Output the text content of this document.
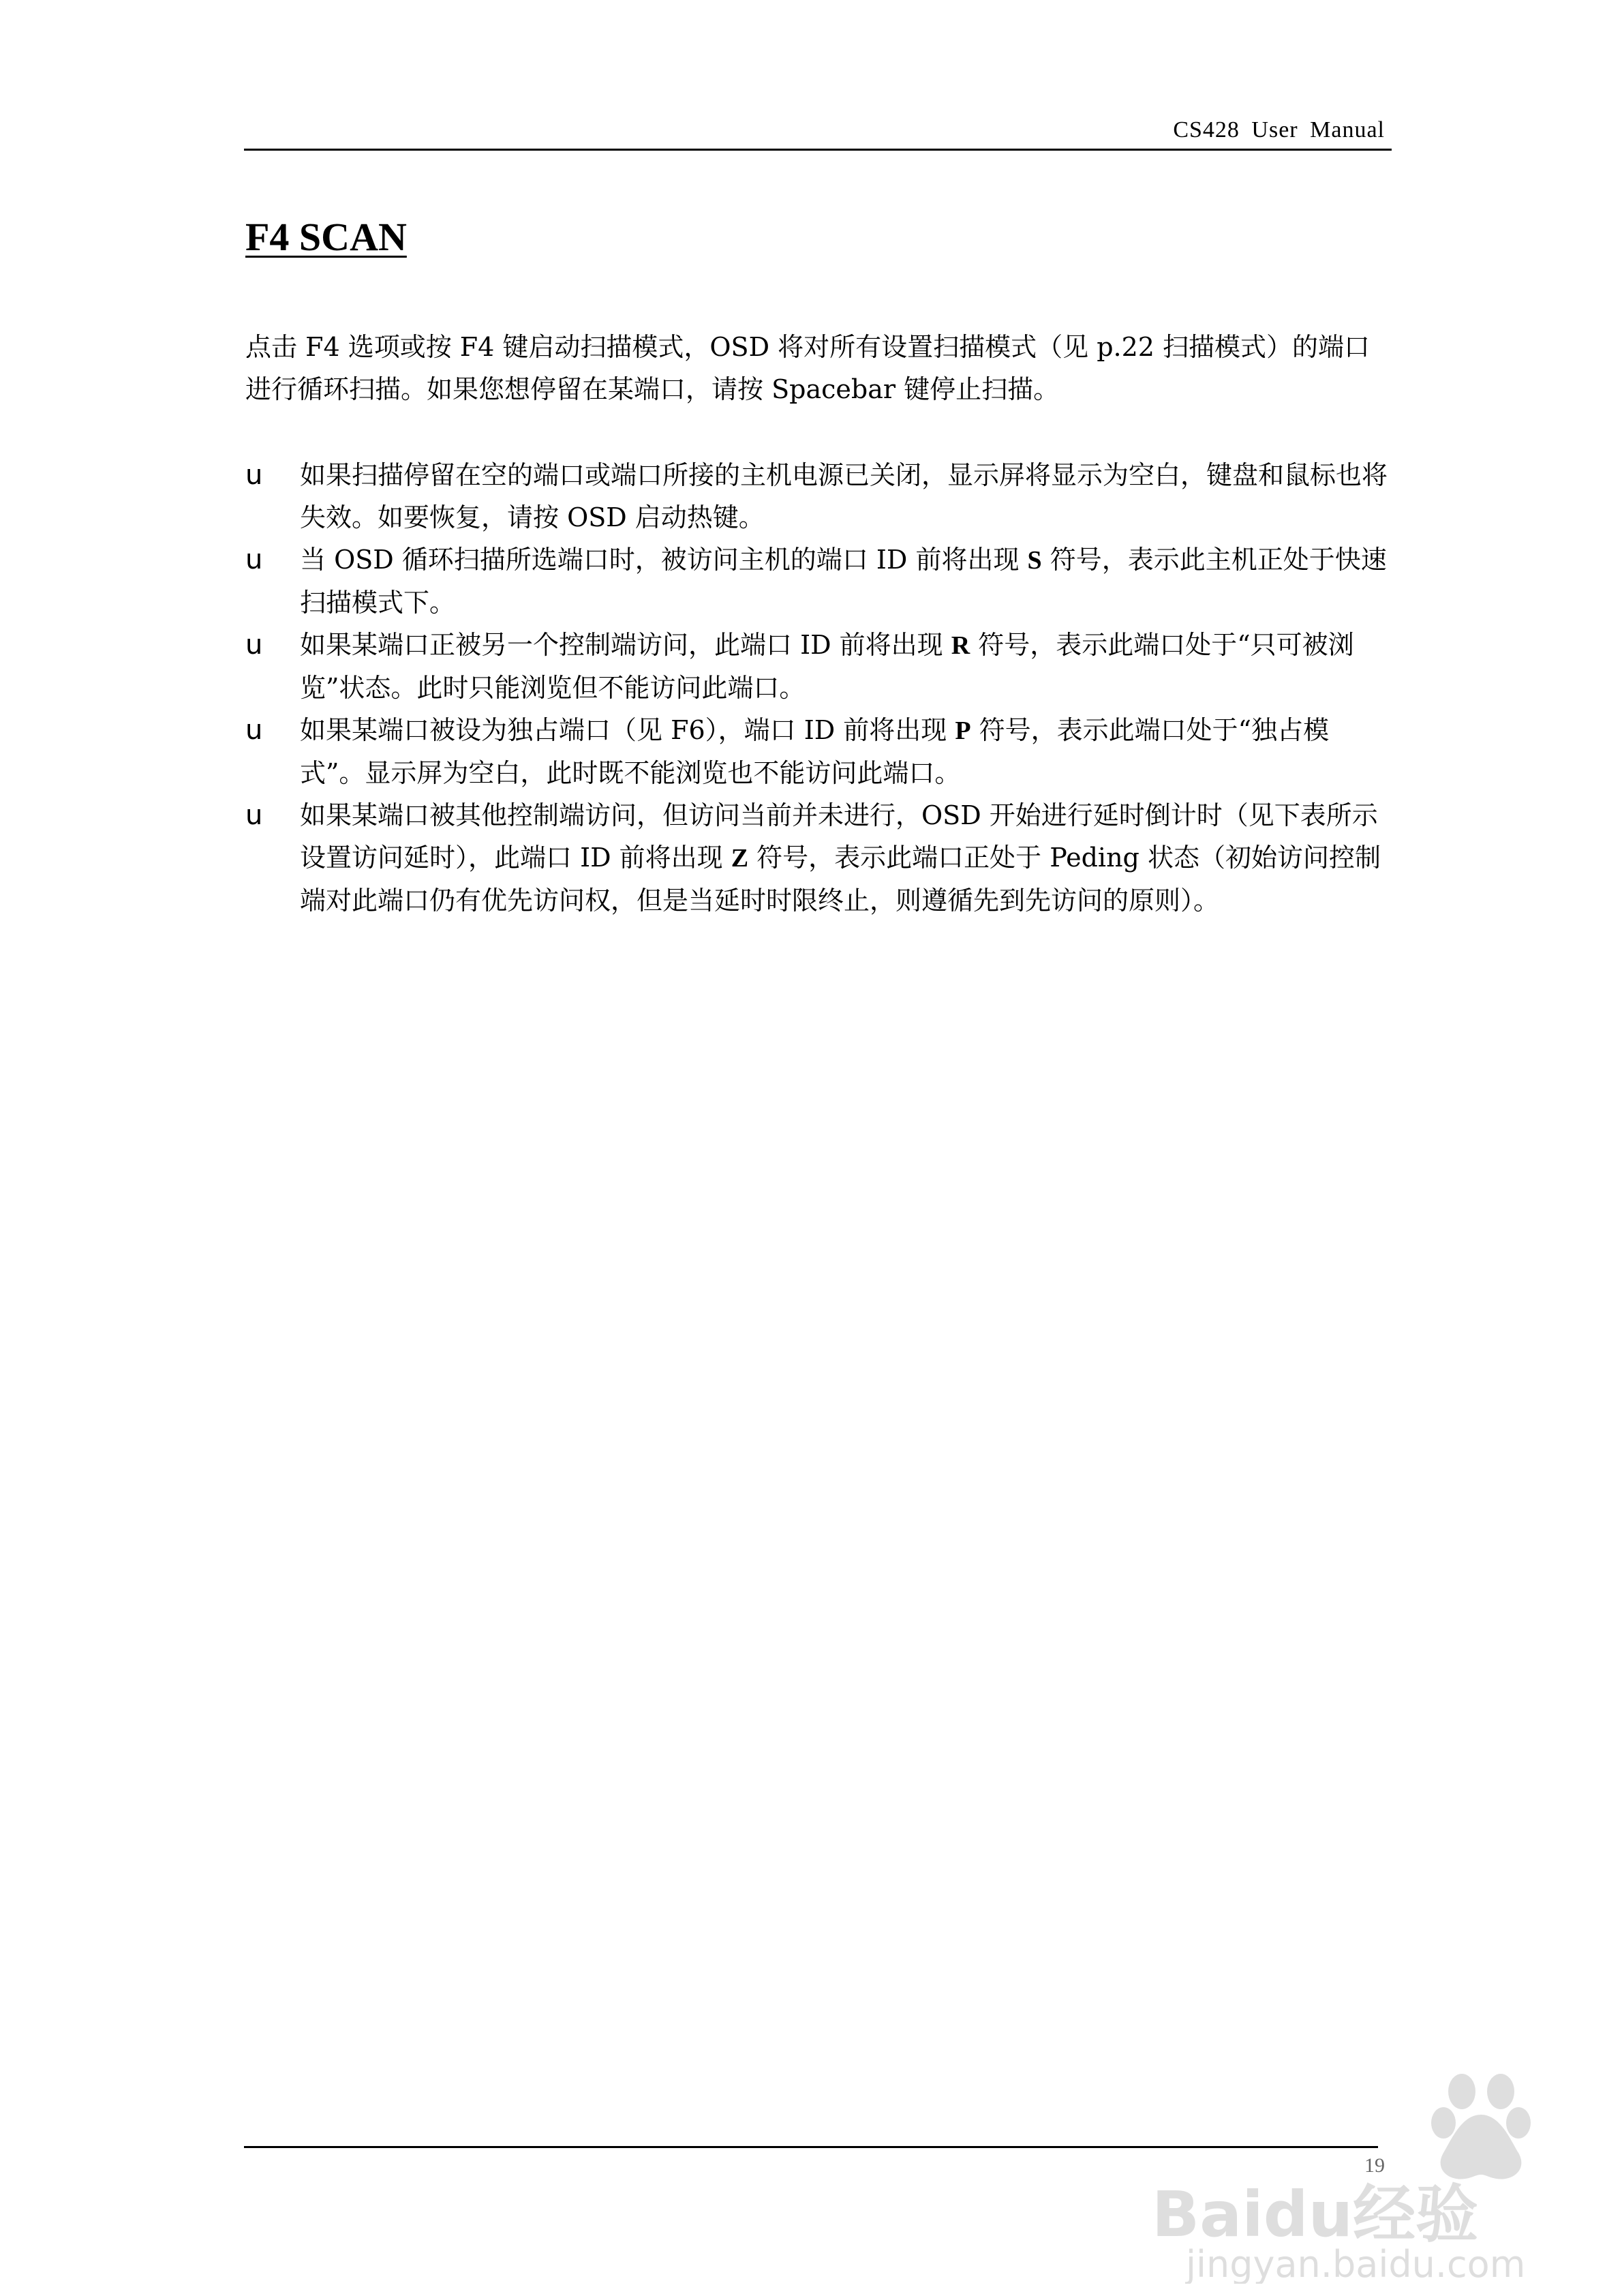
CS428 User Manual
F4 SCAN

点击 F4 选项或按 F4 键启动扫描模式，OSD 将对所有设置扫描模式（见 p.22 扫描模式）的端口进行循环扫描。如果您想停留在某端口，请按 Spacebar 键停止扫描。

u 如果扫描停留在空的端口或端口所接的主机电源已关闭，显示屏将显示为空白，键盘和鼠标也将失效。如要恢复，请按 OSD 启动热键。
u 当 OSD 循环扫描所选端口时，被访问主机的端口 ID 前将出现 S 符号，表示此主机正处于快速扫描模式下。
u 如果某端口正被另一个控制端访问，此端口 ID 前将出现 R 符号，表示此端口处于“只可被浏览”状态。此时只能浏览但不能访问此端口。
u 如果某端口被设为独占端口（见 F6），端口 ID 前将出现 P 符号，表示此端口处于“独占模式”。显示屏为空白，此时既不能浏览也不能访问此端口。
u 如果某端口被其他控制端访问，但访问当前并未进行，OSD 开始进行延时倒计时（见下表所示设置访问延时），此端口 ID 前将出现 Z 符号，表示此端口正处于 Peding 状态（初始访问控制端对此端口仍有优先访问权，但是当延时时限终止，则遵循先到先访问的原则）。
19
Baidu经验
jingyan.baidu.com
